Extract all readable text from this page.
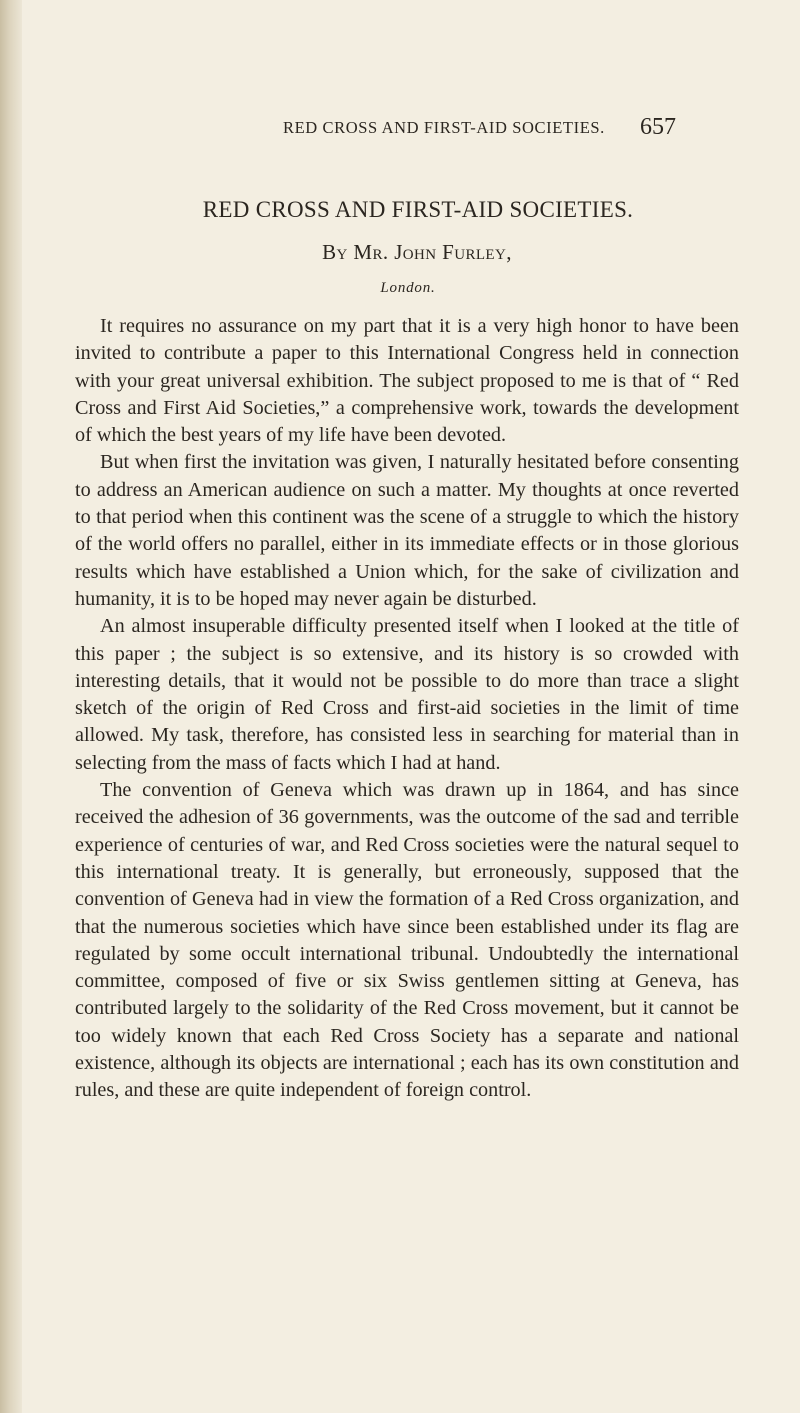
RED CROSS AND FIRST-AID SOCIETIES. 657
RED CROSS AND FIRST-AID SOCIETIES.
By Mr. John Furley,
London.

It requires no assurance on my part that it is a very high honor to have been invited to contribute a paper to this International Congress held in connection with your great universal exhibition. The subject proposed to me is that of “ Red Cross and First Aid Societies,” a comprehensive work, towards the development of which the best years of my life have been devoted.

But when first the invitation was given, I naturally hesitated before consenting to address an American audience on such a matter. My thoughts at once reverted to that period when this continent was the scene of a struggle to which the history of the world offers no parallel, either in its immediate effects or in those glorious results which have established a Union which, for the sake of civilization and humanity, it is to be hoped may never again be disturbed.

An almost insuperable difficulty presented itself when I looked at the title of this paper ; the subject is so extensive, and its history is so crowded with interesting details, that it would not be possible to do more than trace a slight sketch of the origin of Red Cross and first-aid societies in the limit of time allowed. My task, therefore, has consisted less in searching for material than in selecting from the mass of facts which I had at hand.

The convention of Geneva which was drawn up in 1864, and has since received the adhesion of 36 governments, was the outcome of the sad and terrible experience of centuries of war, and Red Cross societies were the natural sequel to this international treaty. It is generally, but erroneously, supposed that the convention of Geneva had in view the formation of a Red Cross organization, and that the numerous societies which have since been established under its flag are regulated by some occult international tribunal. Undoubtedly the international committee, composed of five or six Swiss gentlemen sitting at Geneva, has contributed largely to the solidarity of the Red Cross movement, but it cannot be too widely known that each Red Cross Society has a separate and national existence, although its objects are international ; each has its own constitution and rules, and these are quite independent of foreign control.
